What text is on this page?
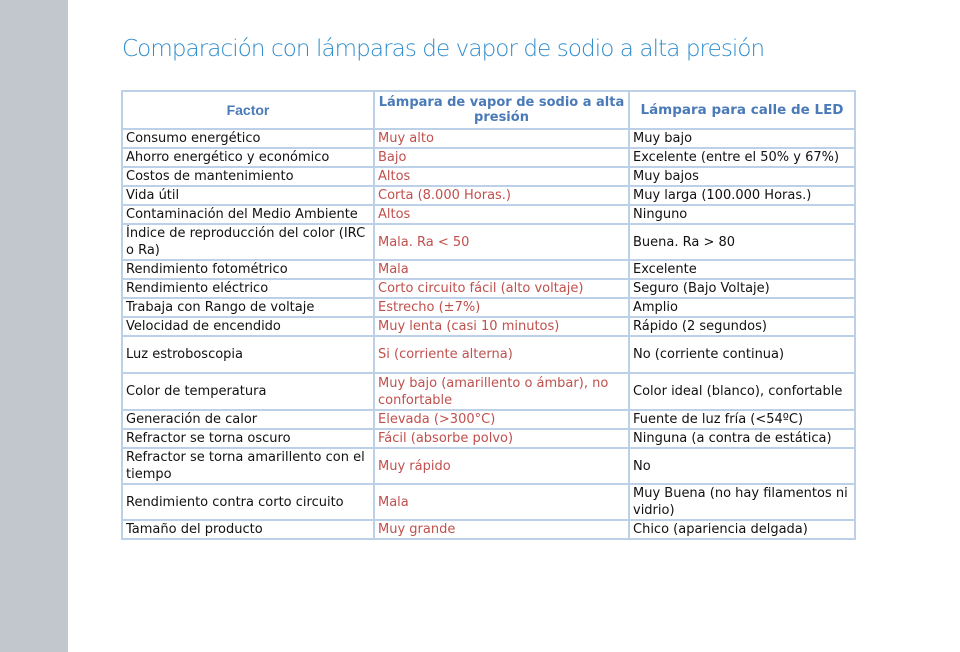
Comparación con lámparas de vapor de sodio a alta presión
Factor	Lámpara de vapor de sodio a alta presión	Lámpara para calle de LED
Consumo energético	Muy alto	Muy bajo
Ahorro energético y económico	Bajo	Excelente (entre el 50% y 67%)
Costos de mantenimiento	Altos	Muy bajos
Vida útil	Corta (8.000 Horas.)	Muy larga (100.000 Horas.)
Contaminación del Medio Ambiente	Altos	Ninguno
Índice de reproducción del color (IRC o Ra)	Mala. Ra < 50	Buena. Ra > 80
Rendimiento fotométrico	Mala	Excelente
Rendimiento eléctrico	Corto circuito fácil (alto voltaje)	Seguro (Bajo Voltaje)
Trabaja con Rango de voltaje	Estrecho (±7%)	Amplio
Velocidad de encendido	Muy lenta (casi 10 minutos)	Rápido (2 segundos)
Luz estroboscopia	Si (corriente alterna)	No (corriente continua)
Color de temperatura	Muy bajo (amarillento o ámbar), no confortable	Color ideal (blanco), confortable
Generación de calor	Elevada (>300°C)	Fuente de luz fría (<54ºC)
Refractor se torna oscuro	Fácil (absorbe polvo)	Ninguna (a contra de estática)
Refractor se torna amarillento con el tiempo	Muy rápido	No
Rendimiento contra corto circuito	Mala	Muy Buena (no hay filamentos ni vidrio)
Tamaño del producto	Muy grande	Chico (apariencia delgada)
